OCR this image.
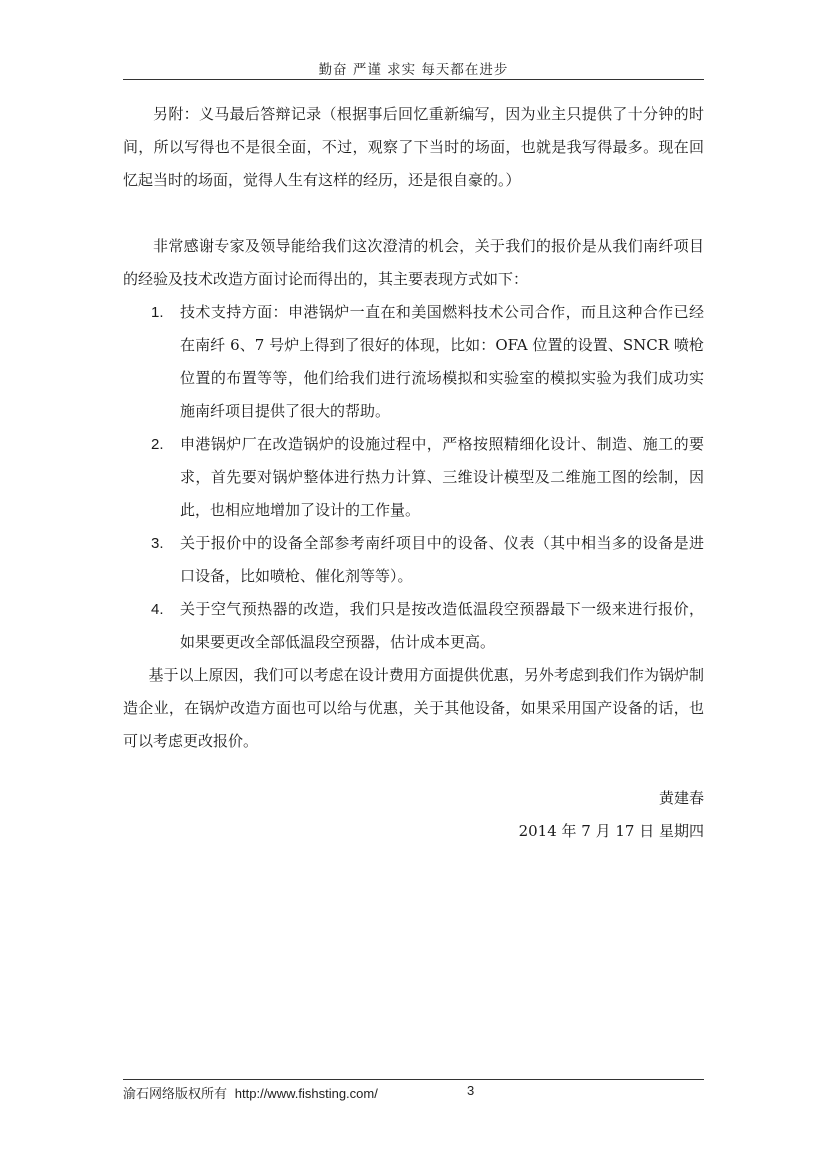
勤奋 严谨 求实 每天都在进步

另附：义马最后答辩记录（根据事后回忆重新编写，因为业主只提供了十分钟的时间，所以写得也不是很全面，不过，观察了下当时的场面，也就是我写得最多。现在回忆起当时的场面，觉得人生有这样的经历，还是很自豪的。）

非常感谢专家及领导能给我们这次澄清的机会，关于我们的报价是从我们南纤项目的经验及技术改造方面讨论而得出的，其主要表现方式如下：

1. 技术支持方面：申港锅炉一直在和美国燃料技术公司合作，而且这种合作已经在南纤 6、7 号炉上得到了很好的体现，比如：OFA 位置的设置、SNCR 喷枪位置的布置等等，他们给我们进行流场模拟和实验室的模拟实验为我们成功实施南纤项目提供了很大的帮助。
2. 申港锅炉厂在改造锅炉的设施过程中，严格按照精细化设计、制造、施工的要求，首先要对锅炉整体进行热力计算、三维设计模型及二维施工图的绘制，因此，也相应地增加了设计的工作量。
3. 关于报价中的设备全部参考南纤项目中的设备、仪表（其中相当多的设备是进口设备，比如喷枪、催化剂等等）。
4. 关于空气预热器的改造，我们只是按改造低温段空预器最下一级来进行报价，如果要更改全部低温段空预器，估计成本更高。

基于以上原因，我们可以考虑在设计费用方面提供优惠，另外考虑到我们作为锅炉制造企业，在锅炉改造方面也可以给与优惠，关于其他设备，如果采用国产设备的话，也可以考虑更改报价。

黄建春

2014 年 7 月 17 日 星期四

渝石网络版权所有 http://www.fishsting.com/	3
